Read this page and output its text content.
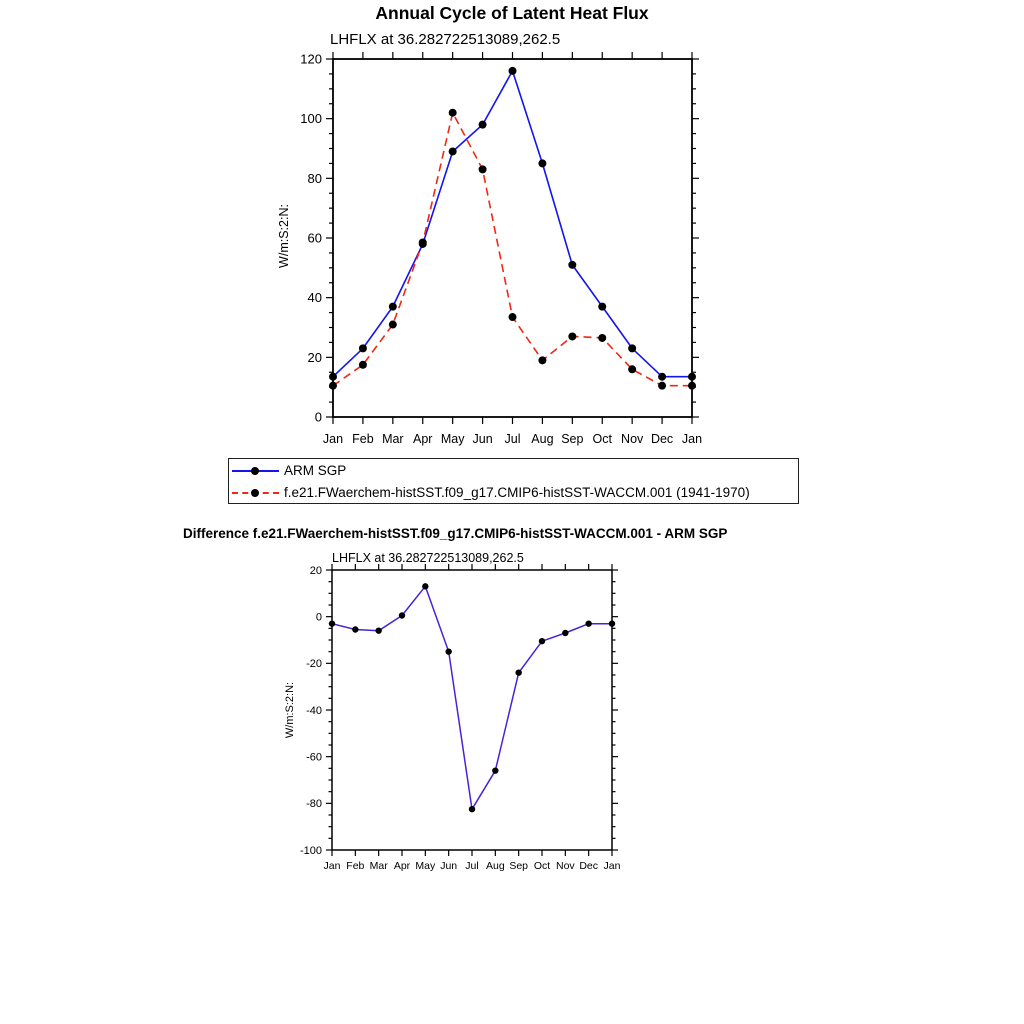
Annual Cycle of Latent Heat Flux
LHFLX at 36.282722513089,262.5
W/m:S:2:N:
0
20
40
60
80
100
120
Jan Feb Mar Apr May Jun Jul Aug Sep Oct Nov Dec Jan
-100
-80
-60
-40
-20
0
20
Jan Feb Mar Apr May Jun Jul Aug Sep Oct Nov Dec Jan
ARM SGP
f.e21.FWaerchem-histSST.f09_g17.CMIP6-histSST-WACCM.001 (1941-1970)
Difference f.e21.FWaerchem-histSST.f09_g17.CMIP6-histSST-WACCM.001 - ARM SGP
LHFLX at 36.282722513089,262.5
W/m:S:2:N:
